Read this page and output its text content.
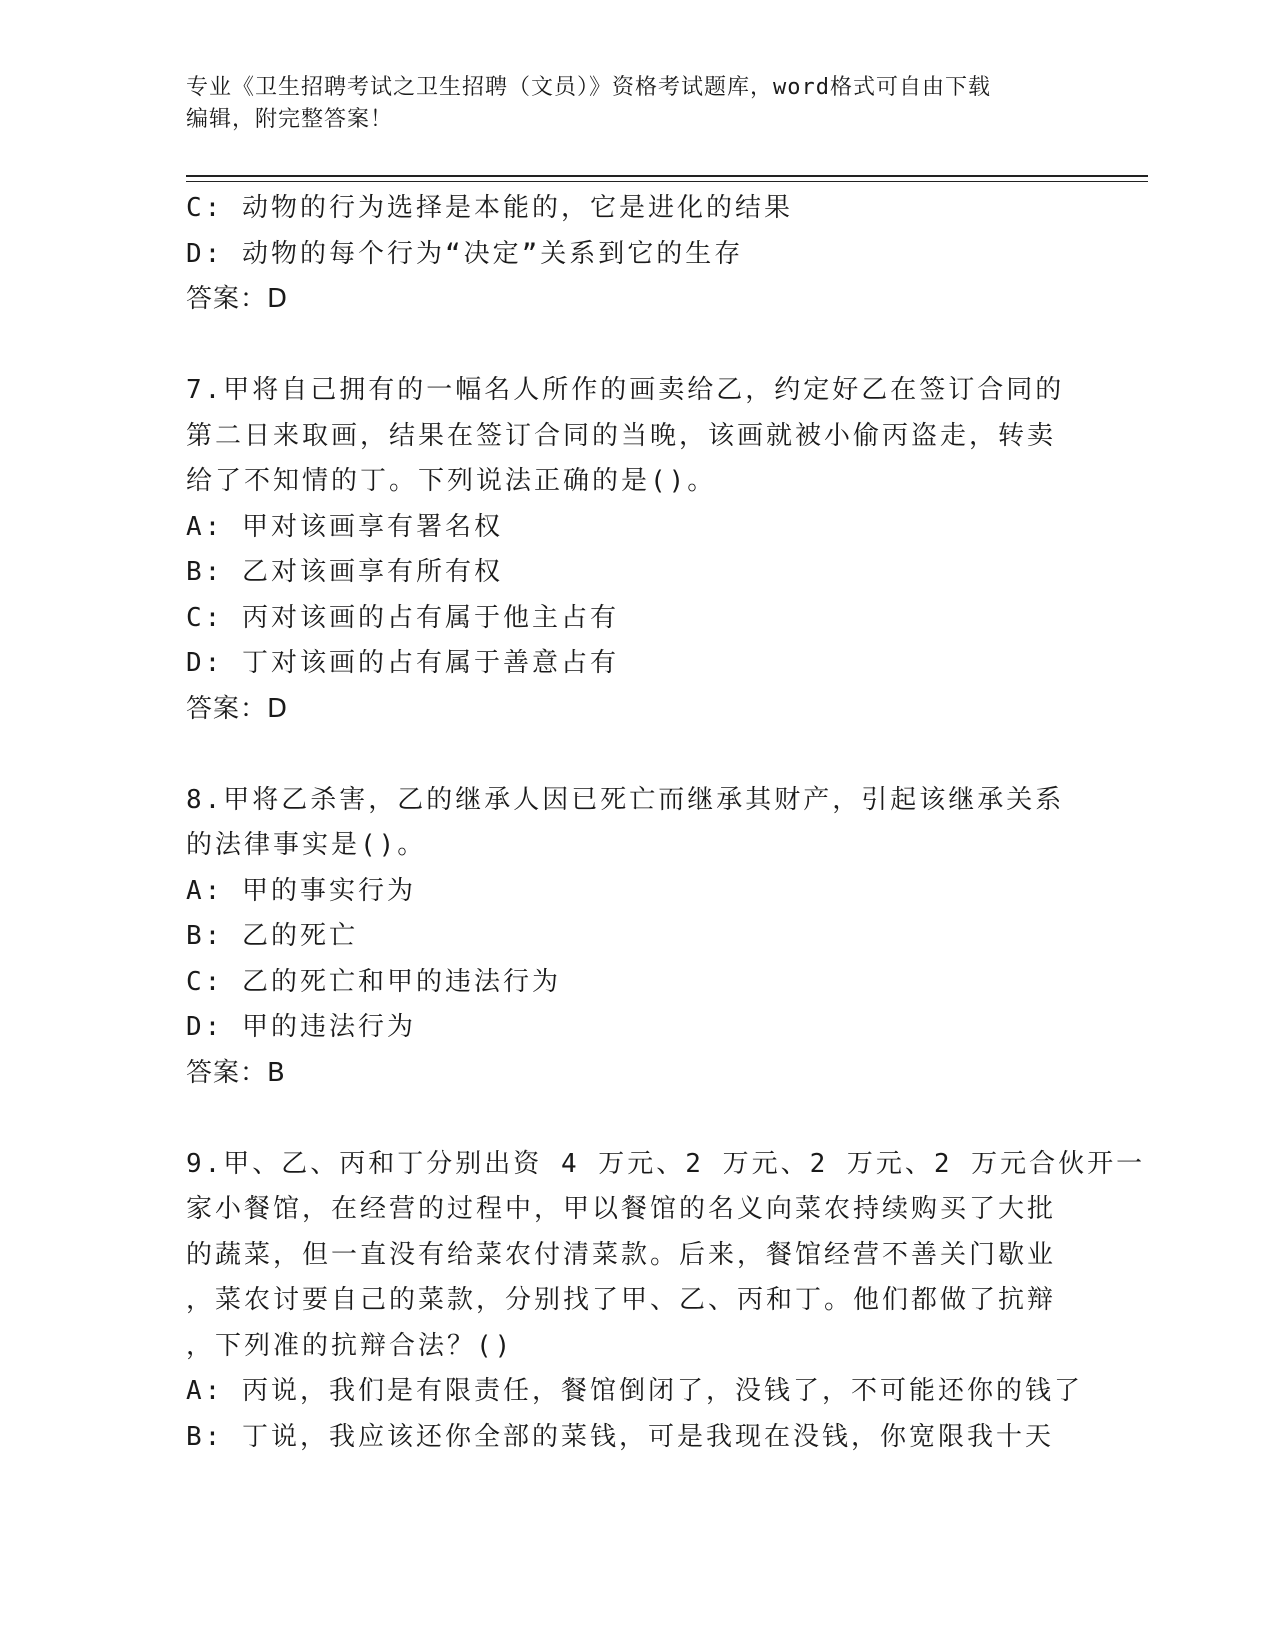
专业《卫生招聘考试之卫生招聘（文员）》资格考试题库，word格式可自由下载
编辑，附完整答案！
C: 动物的行为选择是本能的，它是进化的结果
D: 动物的每个行为“决定”关系到它的生存
答案：D
7.甲将自己拥有的一幅名人所作的画卖给乙，约定好乙在签订合同的
第二日来取画，结果在签订合同的当晚，该画就被小偷丙盗走，转卖
给了不知情的丁。下列说法正确的是()。
A: 甲对该画享有署名权
B: 乙对该画享有所有权
C: 丙对该画的占有属于他主占有
D: 丁对该画的占有属于善意占有
答案：D
8.甲将乙杀害，乙的继承人因已死亡而继承其财产，引起该继承关系
的法律事实是()。
A: 甲的事实行为
B: 乙的死亡
C: 乙的死亡和甲的违法行为
D: 甲的违法行为
答案：B
9.甲、乙、丙和丁分别出资 4 万元、2 万元、2 万元、2 万元合伙开一
家小餐馆，在经营的过程中，甲以餐馆的名义向菜农持续购买了大批
的蔬菜，但一直没有给菜农付清菜款。后来，餐馆经营不善关门歇业
，菜农讨要自己的菜款，分别找了甲、乙、丙和丁。他们都做了抗辩
，下列准的抗辩合法？()
A: 丙说，我们是有限责任，餐馆倒闭了，没钱了，不可能还你的钱了
B: 丁说，我应该还你全部的菜钱，可是我现在没钱，你宽限我十天
